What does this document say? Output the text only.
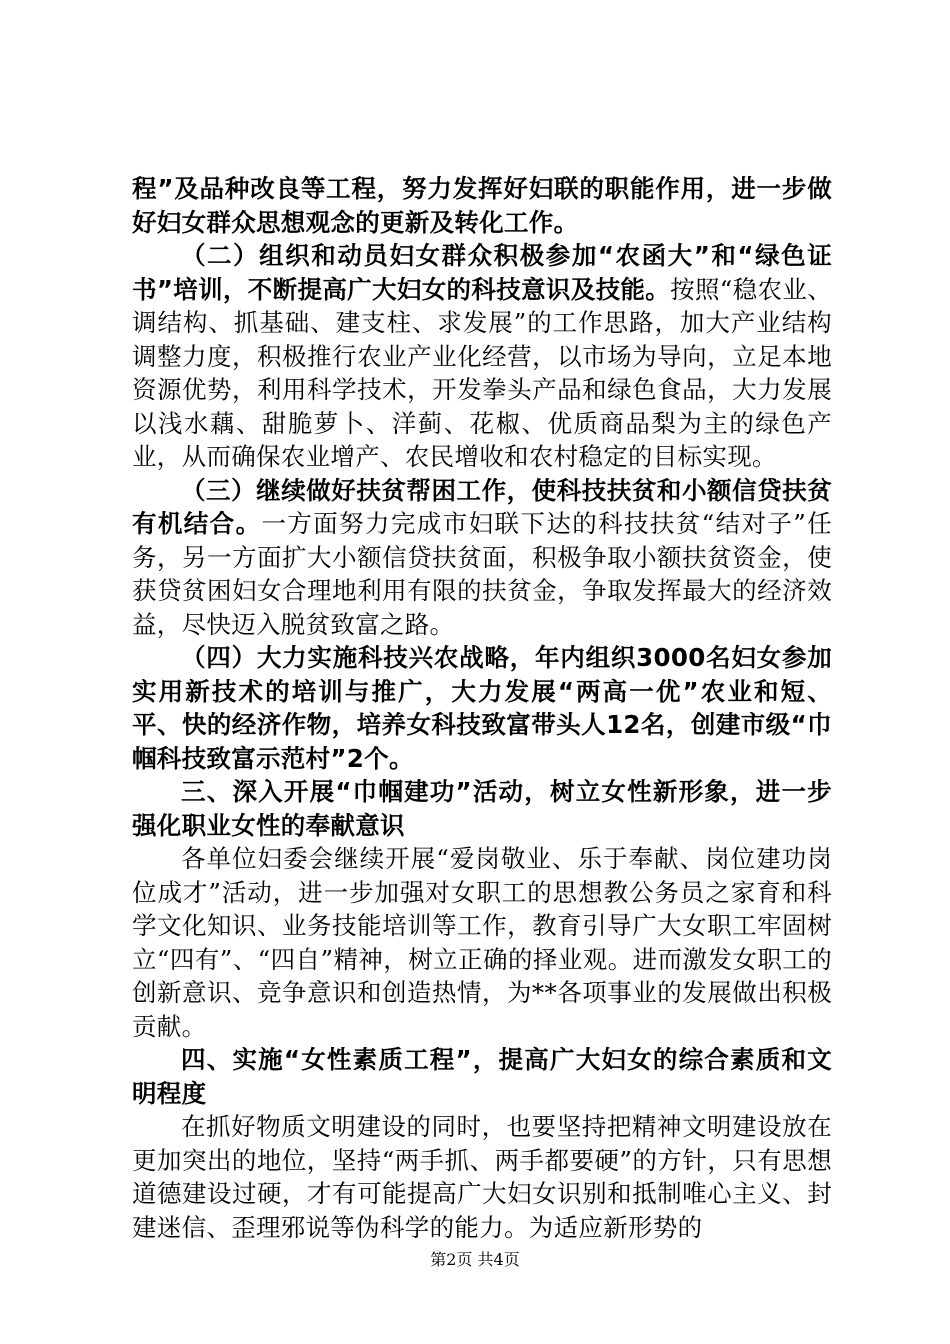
程”及品种改良等工程，努力发挥好妇联的职能作用，进一步做好妇女群众思想观念的更新及转化工作。

（二）组织和动员妇女群众积极参加“农函大”和“绿色证书”培训，不断提高广大妇女的科技意识及技能。按照“稳农业、调结构、抓基础、建支柱、求发展”的工作思路，加大产业结构调整力度，积极推行农业产业化经营，以市场为导向，立足本地资源优势，利用科学技术，开发拳头产品和绿色食品，大力发展以浅水藕、甜脆萝卜、洋蓟、花椒、优质商品梨为主的绿色产业，从而确保农业增产、农民增收和农村稳定的目标实现。

（三）继续做好扶贫帮困工作，使科技扶贫和小额信贷扶贫有机结合。一方面努力完成市妇联下达的科技扶贫“结对子”任务，另一方面扩大小额信贷扶贫面，积极争取小额扶贫资金，使获贷贫困妇女合理地利用有限的扶贫金，争取发挥最大的经济效益，尽快迈入脱贫致富之路。

（四）大力实施科技兴农战略，年内组织3000名妇女参加实用新技术的培训与推广，大力发展“两高一优”农业和短、平、快的经济作物，培养女科技致富带头人12名，创建市级“巾帼科技致富示范村”2个。

三、深入开展“巾帼建功”活动，树立女性新形象，进一步强化职业女性的奉献意识

各单位妇委会继续开展“爱岗敬业、乐于奉献、岗位建功岗位成才”活动，进一步加强对女职工的思想教公务员之家育和科学文化知识、业务技能培训等工作，教育引导广大女职工牢固树立“四有”、“四自”精神，树立正确的择业观。进而激发女职工的创新意识、竞争意识和创造热情，为**各项事业的发展做出积极贡献。

四、实施“女性素质工程”，提高广大妇女的综合素质和文明程度

在抓好物质文明建设的同时，也要坚持把精神文明建设放在更加突出的地位，坚持“两手抓、两手都要硬”的方针，只有思想道德建设过硬，才有可能提高广大妇女识别和抵制唯心主义、封建迷信、歪理邪说等伪科学的能力。为适应新形势的

第2页 共4页
